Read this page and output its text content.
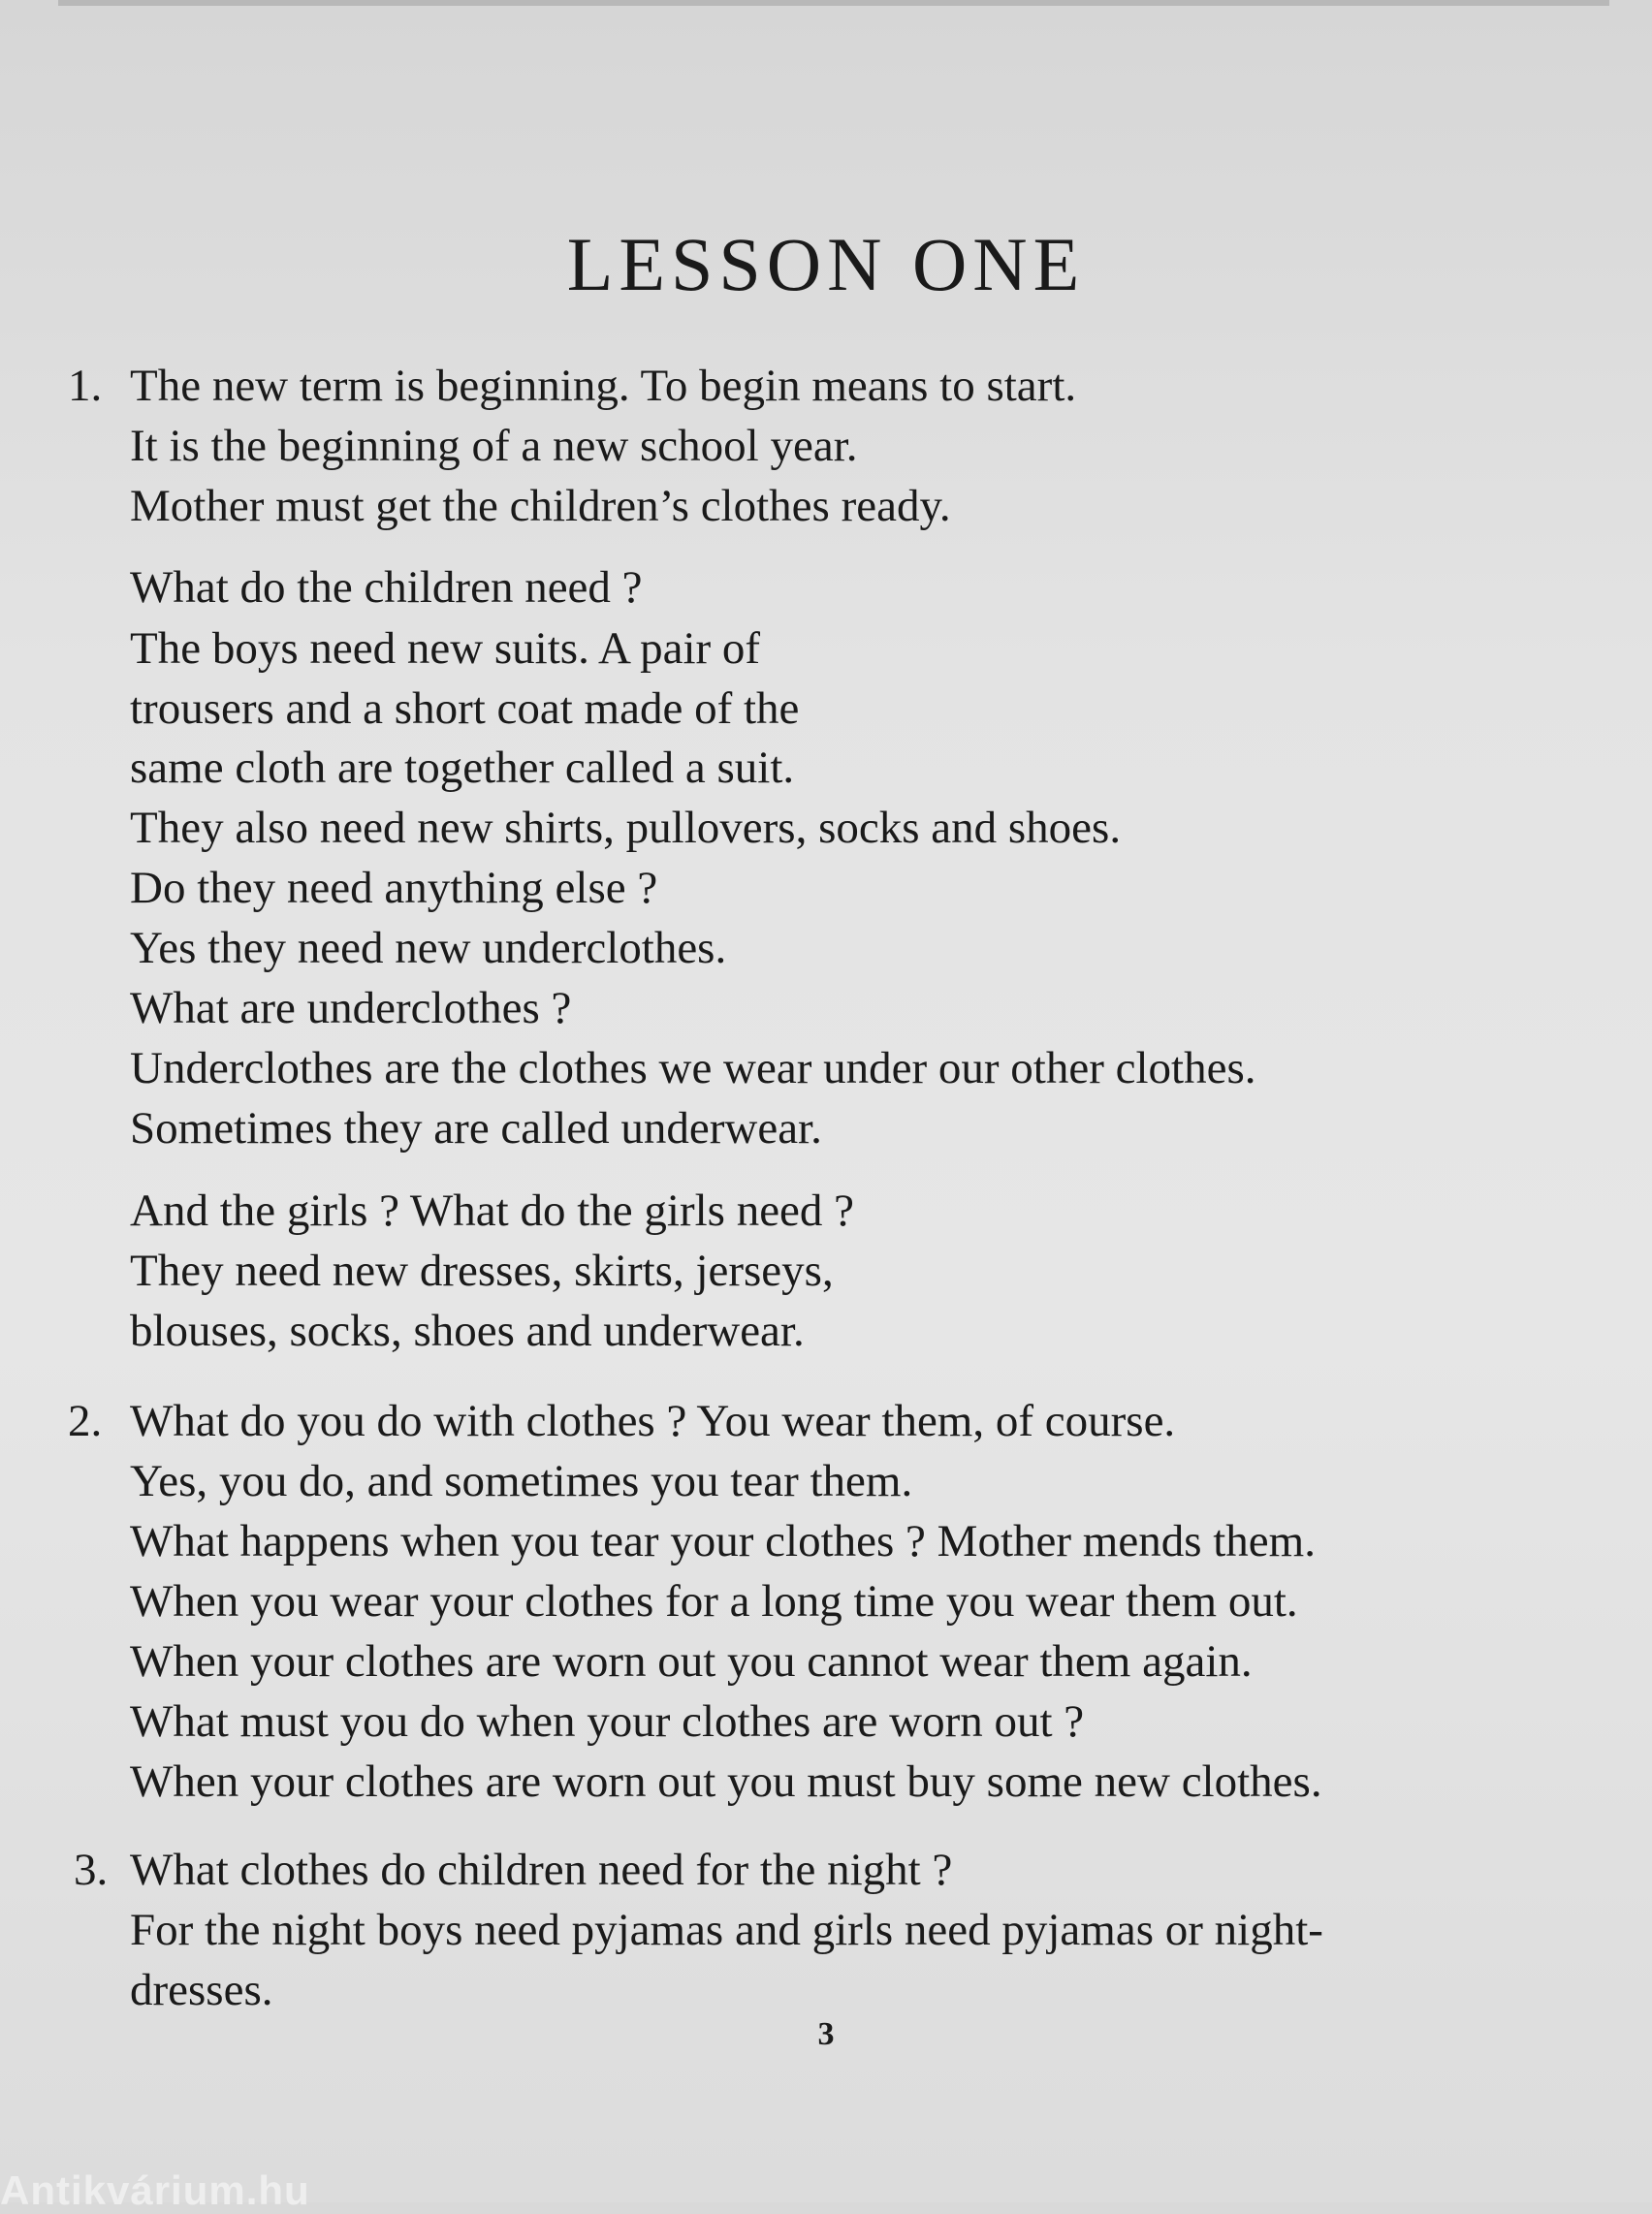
LESSON ONE
1. The new term is beginning. To begin means to start.
It is the beginning of a new school year.
Mother must get the children’s clothes ready.
What do the children need ?
The boys need new suits. A pair of
trousers and a short coat made of the
same cloth are together called a suit.
They also need new shirts, pullovers, socks and shoes.
Do they need anything else ?
Yes they need new underclothes.
What are underclothes ?
Underclothes are the clothes we wear under our other clothes.
Sometimes they are called underwear.
And the girls ? What do the girls need ?
They need new dresses, skirts, jerseys,
blouses, socks, shoes and underwear.
2. What do you do with clothes ? You wear them, of course.
Yes, you do, and sometimes you tear them.
What happens when you tear your clothes ? Mother mends them.
When you wear your clothes for a long time you wear them out.
When your clothes are worn out you cannot wear them again.
What must you do when your clothes are worn out ?
When your clothes are worn out you must buy some new clothes.
3. What clothes do children need for the night ?
For the night boys need pyjamas and girls need pyjamas or night-
dresses.
3
Antikvárium.hu
